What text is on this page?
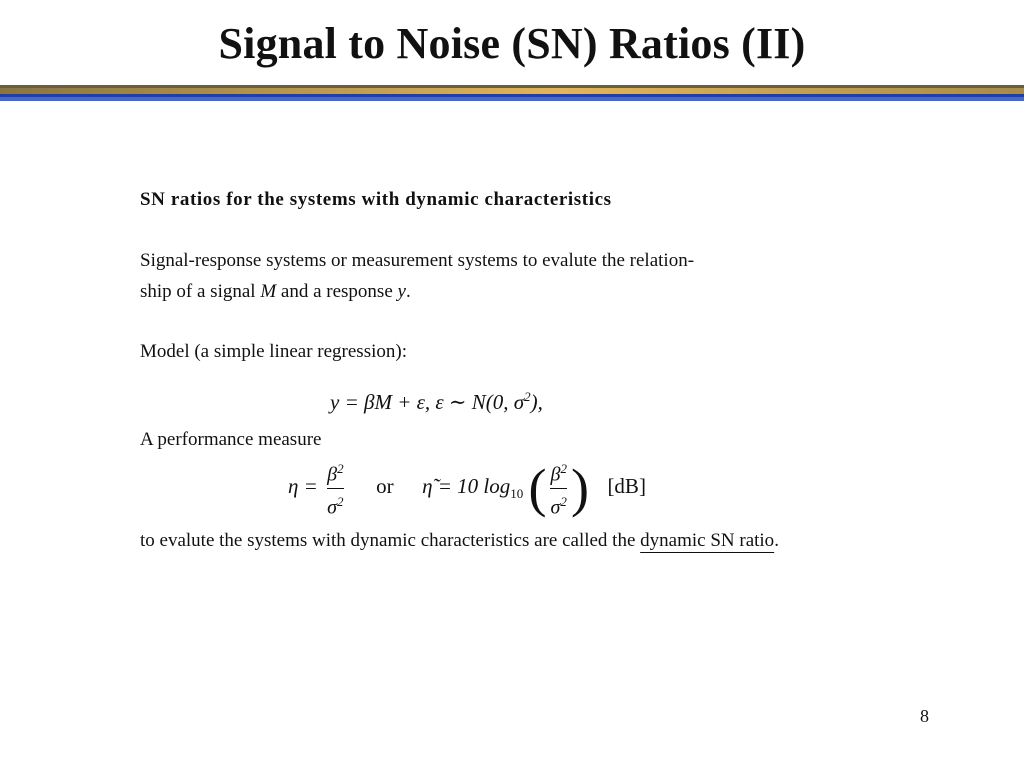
Signal to Noise (SN) Ratios (II)

SN ratios for the systems with dynamic characteristics

Signal-response systems or measurement systems to evalute the relation-
ship of a signal M and a response y.

Model (a simple linear regression):

y = βM + ε, ε ∼ N(0, $\sigma^2$),

A performance measure

$\eta = \frac{\beta^2}{\sigma^2}$ or η̃ = 10 $\log_{10}$ ( $\frac{\beta^2}{\sigma^2}$ ) [dB]

to evalute the systems with dynamic characteristics are called the dynamic SN ratio.

8
